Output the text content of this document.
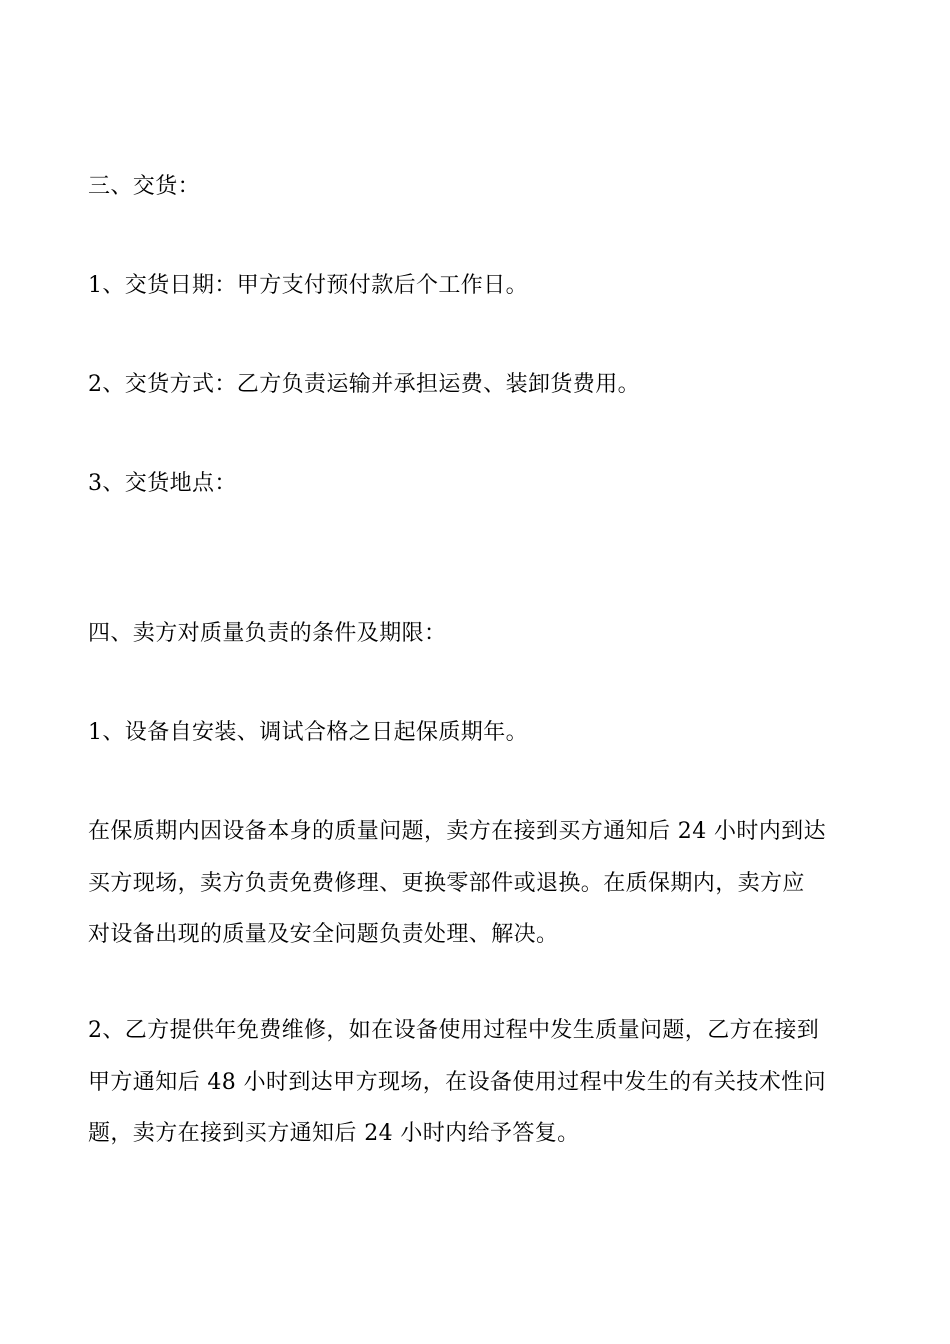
三、交货：
1、交货日期：甲方支付预付款后个工作日。
2、交货方式：乙方负责运输并承担运费、装卸货费用。
3、交货地点：
四、卖方对质量负责的条件及期限：
1、设备自安装、调试合格之日起保质期年。
在保质期内因设备本身的质量问题，卖方在接到买方通知后 24 小时内到达
买方现场，卖方负责免费修理、更换零部件或退换。在质保期内，卖方应
对设备出现的质量及安全问题负责处理、解决。
2、乙方提供年免费维修，如在设备使用过程中发生质量问题，乙方在接到
甲方通知后 48 小时到达甲方现场，在设备使用过程中发生的有关技术性问
题，卖方在接到买方通知后 24 小时内给予答复。
